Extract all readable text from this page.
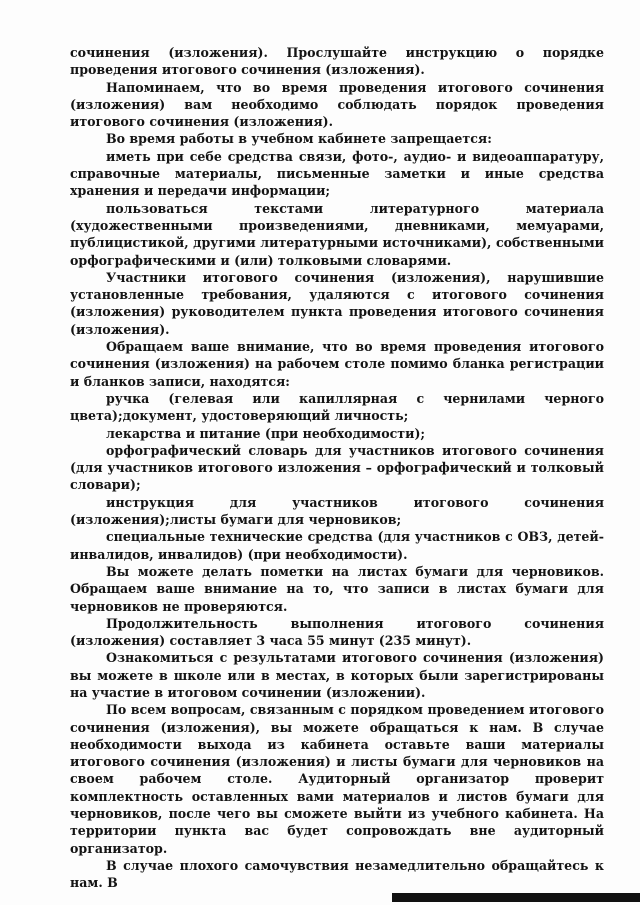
сочинения (изложения). Прослушайте инструкцию о порядке проведения итогового сочинения (изложения).

Напоминаем, что во время проведения итогового сочинения (изложения) вам необходимо соблюдать порядок проведения итогового сочинения (изложения).

Во время работы в учебном кабинете запрещается:

иметь при себе средства связи, фото-, аудио- и видеоаппаратуру, справочные материалы, письменные заметки и иные средства хранения и передачи информации;

пользоваться текстами литературного материала (художественными произведениями, дневниками, мемуарами, публицистикой, другими литературными источниками), собственными орфографическими и (или) толковыми словарями.

Участники итогового сочинения (изложения), нарушившие установленные требования, удаляются с итогового сочинения (изложения) руководителем пункта проведения итогового сочинения (изложения).

Обращаем ваше внимание, что во время проведения итогового сочинения (изложения) на рабочем столе помимо бланка регистрации и бланков записи, находятся:

ручка (гелевая или капиллярная с чернилами черного цвета);документ, удостоверяющий личность;

лекарства и питание (при необходимости);

орфографический словарь для участников итогового сочинения (для участников итогового изложения – орфографический и толковый словари);

инструкция для участников итогового сочинения (изложения);листы бумаги для черновиков;

специальные технические средства (для участников с ОВЗ, детей-инвалидов, инвалидов) (при необходимости).

Вы можете делать пометки на листах бумаги для черновиков. Обращаем ваше внимание на то, что записи в листах бумаги для черновиков не проверяются.

Продолжительность выполнения итогового сочинения (изложения) составляет 3 часа 55 минут (235 минут).

Ознакомиться с результатами итогового сочинения (изложения) вы можете в школе или в местах, в которых были зарегистрированы на участие в итоговом сочинении (изложении).

По всем вопросам, связанным с порядком проведением итогового сочинения (изложения), вы можете обращаться к нам. В случае необходимости выхода из кабинета оставьте ваши материалы итогового сочинения (изложения) и листы бумаги для черновиков на своем рабочем столе. Аудиторный организатор проверит комплектность оставленных вами материалов и листов бумаги для черновиков, после чего вы сможете выйти из учебного кабинета. На территории пункта вас будет сопровождать вне аудиторный организатор.

В случае плохого самочувствия незамедлительно обращайтесь к нам. В
